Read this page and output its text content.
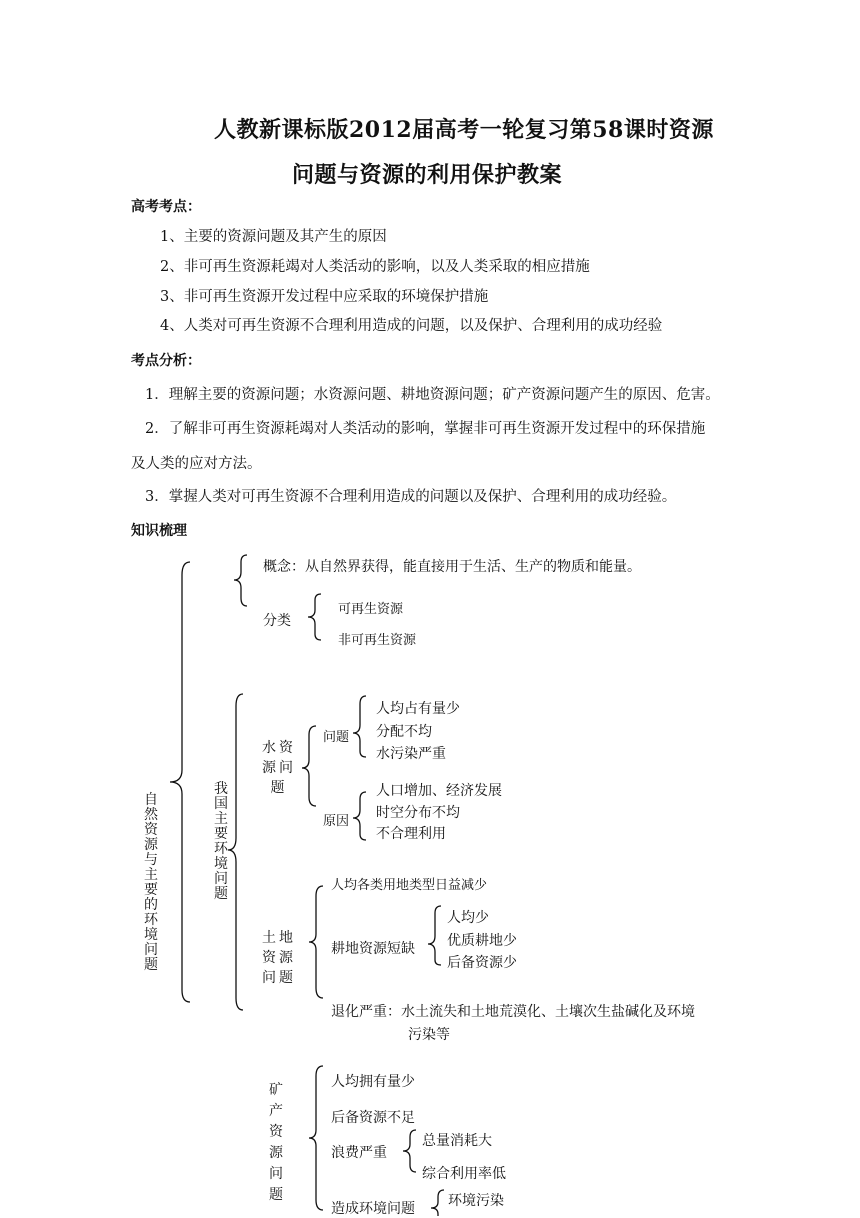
人教新课标版2012届高考一轮复习第58课时资源
问题与资源的利用保护教案
高考考点：
1、主要的资源问题及其产生的原因
2、非可再生资源耗竭对人类活动的影响，以及人类采取的相应措施
3、非可再生资源开发过程中应采取的环境保护措施
4、人类对可再生资源不合理利用造成的问题，以及保护、合理利用的成功经验
考点分析：
1．理解主要的资源问题；水资源问题、耕地资源问题；矿产资源问题产生的原因、危害。
2．了解非可再生资源耗竭对人类活动的影响，掌握非可再生资源开发过程中的环保措施
及人类的应对方法。
3．掌握人类对可再生资源不合理利用造成的问题以及保护、合理利用的成功经验。
知识梳理
自然资源与主要的环境问题
概念：从自然界获得，能直接用于生活、生产的物质和能量。
分类
可再生资源
非可再生资源
我国主要环境问题
水资源问题
问题
人均占有量少
分配不均
水污染严重
原因
人口增加、经济发展
时空分布不均
不合理利用
土地资源问题
人均各类用地类型日益减少
耕地资源短缺
人均少
优质耕地少
后备资源少
退化严重：水土流失和土地荒漠化、土壤次生盐碱化及环境
污染等
矿产资源问题
人均拥有量少
后备资源不足
浪费严重
总量消耗大
综合利用率低
造成环境问题 环境污染
